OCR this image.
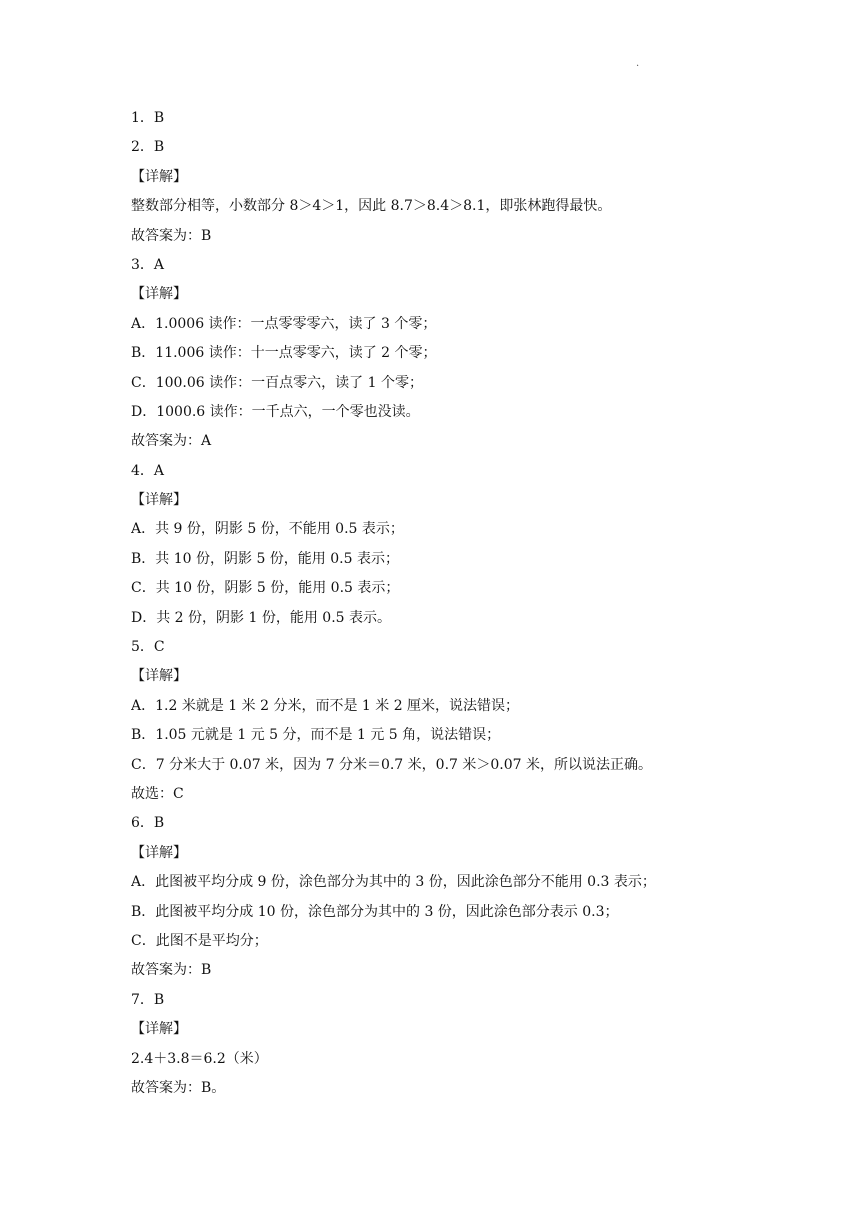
.
1．B
2．B
【详解】
整数部分相等，小数部分 8＞4＞1，因此 8.7＞8.4＞8.1，即张林跑得最快。
故答案为：B
3．A
【详解】
A．1.0006 读作：一点零零零六，读了 3 个零；
B．11.006 读作：十一点零零六，读了 2 个零；
C．100.06 读作：一百点零六，读了 1 个零；
D．1000.6 读作：一千点六，一个零也没读。
故答案为：A
4．A
【详解】
A．共 9 份，阴影 5 份，不能用 0.5 表示；
B．共 10 份，阴影 5 份，能用 0.5 表示；
C．共 10 份，阴影 5 份，能用 0.5 表示；
D．共 2 份，阴影 1 份，能用 0.5 表示。
5．C
【详解】
A．1.2 米就是 1 米 2 分米，而不是 1 米 2 厘米，说法错误；
B．1.05 元就是 1 元 5 分，而不是 1 元 5 角，说法错误；
C．7 分米大于 0.07 米，因为 7 分米＝0.7 米，0.7 米＞0.07 米，所以说法正确。
故选：C
6．B
【详解】
A．此图被平均分成 9 份，涂色部分为其中的 3 份，因此涂色部分不能用 0.3 表示；
B．此图被平均分成 10 份，涂色部分为其中的 3 份，因此涂色部分表示 0.3；
C．此图不是平均分；
故答案为：B
7．B
【详解】
2.4＋3.8＝6.2（米）
故答案为：B。
